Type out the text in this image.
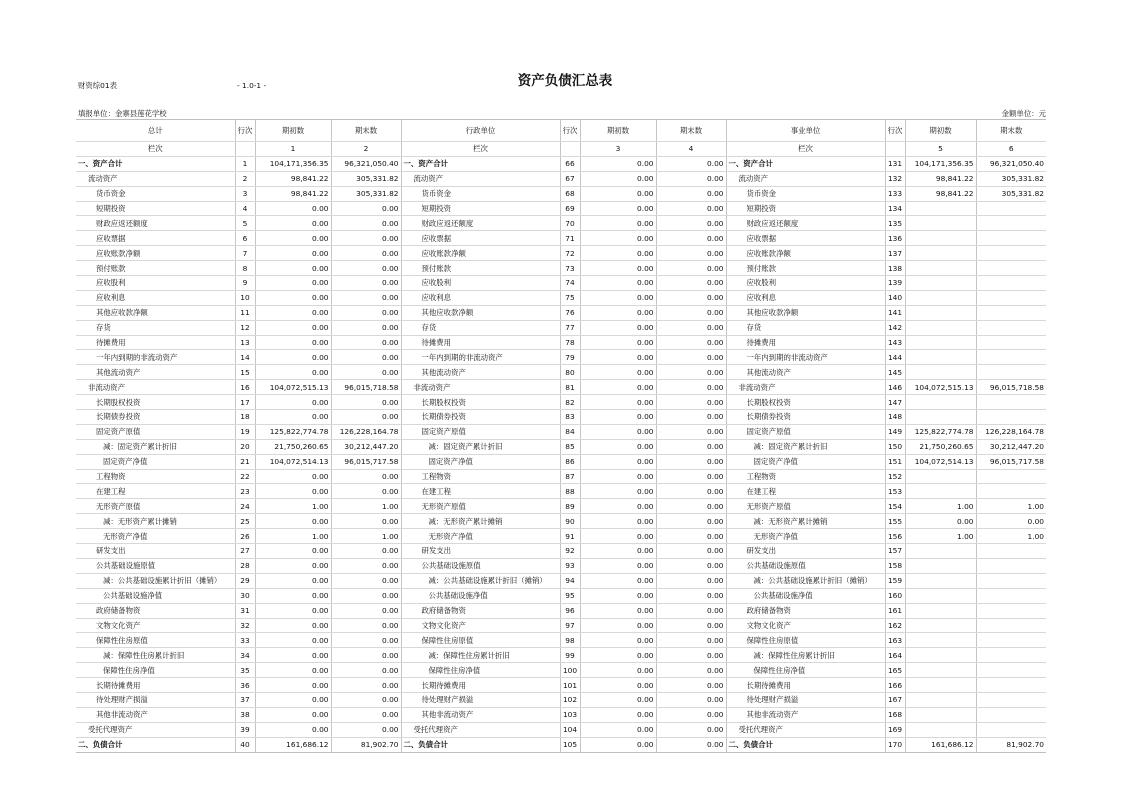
财资综01表	- 1.0-1 -	资产负债汇总表
填报单位：金寨县莲花学校	金额单位：元
总计	行次	期初数	期末数	行政单位	行次	期初数	期末数	事业单位	行次	期初数	期末数
栏次		1	2	栏次		3	4	栏次		5	6
一、资产合计	1	104,171,356.35	96,321,050.40	一、资产合计	66	0.00	0.00	一、资产合计	131	104,171,356.35	96,321,050.40
流动资产	2	98,841.22	305,331.82	流动资产	67	0.00	0.00	流动资产	132	98,841.22	305,331.82
货币资金	3	98,841.22	305,331.82	货币资金	68	0.00	0.00	货币资金	133	98,841.22	305,331.82
短期投资	4	0.00	0.00	短期投资	69	0.00	0.00	短期投资	134		
财政应返还额度	5	0.00	0.00	财政应返还额度	70	0.00	0.00	财政应返还额度	135		
应收票据	6	0.00	0.00	应收票据	71	0.00	0.00	应收票据	136		
应收账款净额	7	0.00	0.00	应收账款净额	72	0.00	0.00	应收账款净额	137		
预付账款	8	0.00	0.00	预付账款	73	0.00	0.00	预付账款	138		
应收股利	9	0.00	0.00	应收股利	74	0.00	0.00	应收股利	139		
应收利息	10	0.00	0.00	应收利息	75	0.00	0.00	应收利息	140		
其他应收款净额	11	0.00	0.00	其他应收款净额	76	0.00	0.00	其他应收款净额	141		
存货	12	0.00	0.00	存货	77	0.00	0.00	存货	142		
待摊费用	13	0.00	0.00	待摊费用	78	0.00	0.00	待摊费用	143		
一年内到期的非流动资产	14	0.00	0.00	一年内到期的非流动资产	79	0.00	0.00	一年内到期的非流动资产	144		
其他流动资产	15	0.00	0.00	其他流动资产	80	0.00	0.00	其他流动资产	145		
非流动资产	16	104,072,515.13	96,015,718.58	非流动资产	81	0.00	0.00	非流动资产	146	104,072,515.13	96,015,718.58
长期股权投资	17	0.00	0.00	长期股权投资	82	0.00	0.00	长期股权投资	147		
长期债券投资	18	0.00	0.00	长期债券投资	83	0.00	0.00	长期债券投资	148		
固定资产原值	19	125,822,774.78	126,228,164.78	固定资产原值	84	0.00	0.00	固定资产原值	149	125,822,774.78	126,228,164.78
减：固定资产累计折旧	20	21,750,260.65	30,212,447.20	减：固定资产累计折旧	85	0.00	0.00	减：固定资产累计折旧	150	21,750,260.65	30,212,447.20
固定资产净值	21	104,072,514.13	96,015,717.58	固定资产净值	86	0.00	0.00	固定资产净值	151	104,072,514.13	96,015,717.58
工程物资	22	0.00	0.00	工程物资	87	0.00	0.00	工程物资	152		
在建工程	23	0.00	0.00	在建工程	88	0.00	0.00	在建工程	153		
无形资产原值	24	1.00	1.00	无形资产原值	89	0.00	0.00	无形资产原值	154	1.00	1.00
减：无形资产累计摊销	25	0.00	0.00	减：无形资产累计摊销	90	0.00	0.00	减：无形资产累计摊销	155	0.00	0.00
无形资产净值	26	1.00	1.00	无形资产净值	91	0.00	0.00	无形资产净值	156	1.00	1.00
研发支出	27	0.00	0.00	研发支出	92	0.00	0.00	研发支出	157		
公共基础设施原值	28	0.00	0.00	公共基础设施原值	93	0.00	0.00	公共基础设施原值	158		
减：公共基础设施累计折旧（摊销）	29	0.00	0.00	减：公共基础设施累计折旧（摊销）	94	0.00	0.00	减：公共基础设施累计折旧（摊销）	159		
公共基础设施净值	30	0.00	0.00	公共基础设施净值	95	0.00	0.00	公共基础设施净值	160		
政府储备物资	31	0.00	0.00	政府储备物资	96	0.00	0.00	政府储备物资	161		
文物文化资产	32	0.00	0.00	文物文化资产	97	0.00	0.00	文物文化资产	162		
保障性住房原值	33	0.00	0.00	保障性住房原值	98	0.00	0.00	保障性住房原值	163		
减：保障性住房累计折旧	34	0.00	0.00	减：保障性住房累计折旧	99	0.00	0.00	减：保障性住房累计折旧	164		
保障性住房净值	35	0.00	0.00	保障性住房净值	100	0.00	0.00	保障性住房净值	165		
长期待摊费用	36	0.00	0.00	长期待摊费用	101	0.00	0.00	长期待摊费用	166		
待处理财产损溢	37	0.00	0.00	待处理财产损溢	102	0.00	0.00	待处理财产损溢	167		
其他非流动资产	38	0.00	0.00	其他非流动资产	103	0.00	0.00	其他非流动资产	168		
受托代理资产	39	0.00	0.00	受托代理资产	104	0.00	0.00	受托代理资产	169		
二、负债合计	40	161,686.12	81,902.70	二、负债合计	105	0.00	0.00	二、负债合计	170	161,686.12	81,902.70
